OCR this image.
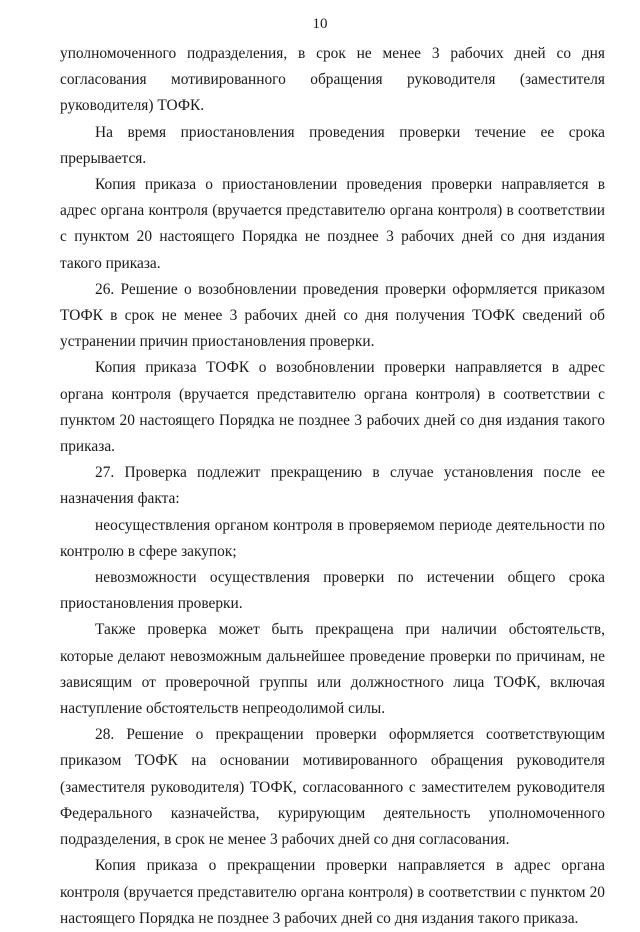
10

уполномоченного подразделения, в срок не менее 3 рабочих дней со дня согласования мотивированного обращения руководителя (заместителя руководителя) ТОФК.

На время приостановления проведения проверки течение ее срока прерывается.

Копия приказа о приостановлении проведения проверки направляется в адрес органа контроля (вручается представителю органа контроля) в соответствии с пунктом 20 настоящего Порядка не позднее 3 рабочих дней со дня издания такого приказа.

26. Решение о возобновлении проведения проверки оформляется приказом ТОФК в срок не менее 3 рабочих дней со дня получения ТОФК сведений об устранении причин приостановления проверки.

Копия приказа ТОФК о возобновлении проверки направляется в адрес органа контроля (вручается представителю органа контроля) в соответствии с пунктом 20 настоящего Порядка не позднее 3 рабочих дней со дня издания такого приказа.

27. Проверка подлежит прекращению в случае установления после ее назначения факта:

неосуществления органом контроля в проверяемом периоде деятельности по контролю в сфере закупок;

невозможности осуществления проверки по истечении общего срока приостановления проверки.

Также проверка может быть прекращена при наличии обстоятельств, которые делают невозможным дальнейшее проведение проверки по причинам, не зависящим от проверочной группы или должностного лица ТОФК, включая наступление обстоятельств непреодолимой силы.

28. Решение о прекращении проверки оформляется соответствующим приказом ТОФК на основании мотивированного обращения руководителя (заместителя руководителя) ТОФК, согласованного с заместителем руководителя Федерального казначейства, курирующим деятельность уполномоченного подразделения, в срок не менее 3 рабочих дней со дня согласования.

Копия приказа о прекращении проверки направляется в адрес органа контроля (вручается представителю органа контроля) в соответствии с пунктом 20 настоящего Порядка не позднее 3 рабочих дней со дня издания такого приказа.
